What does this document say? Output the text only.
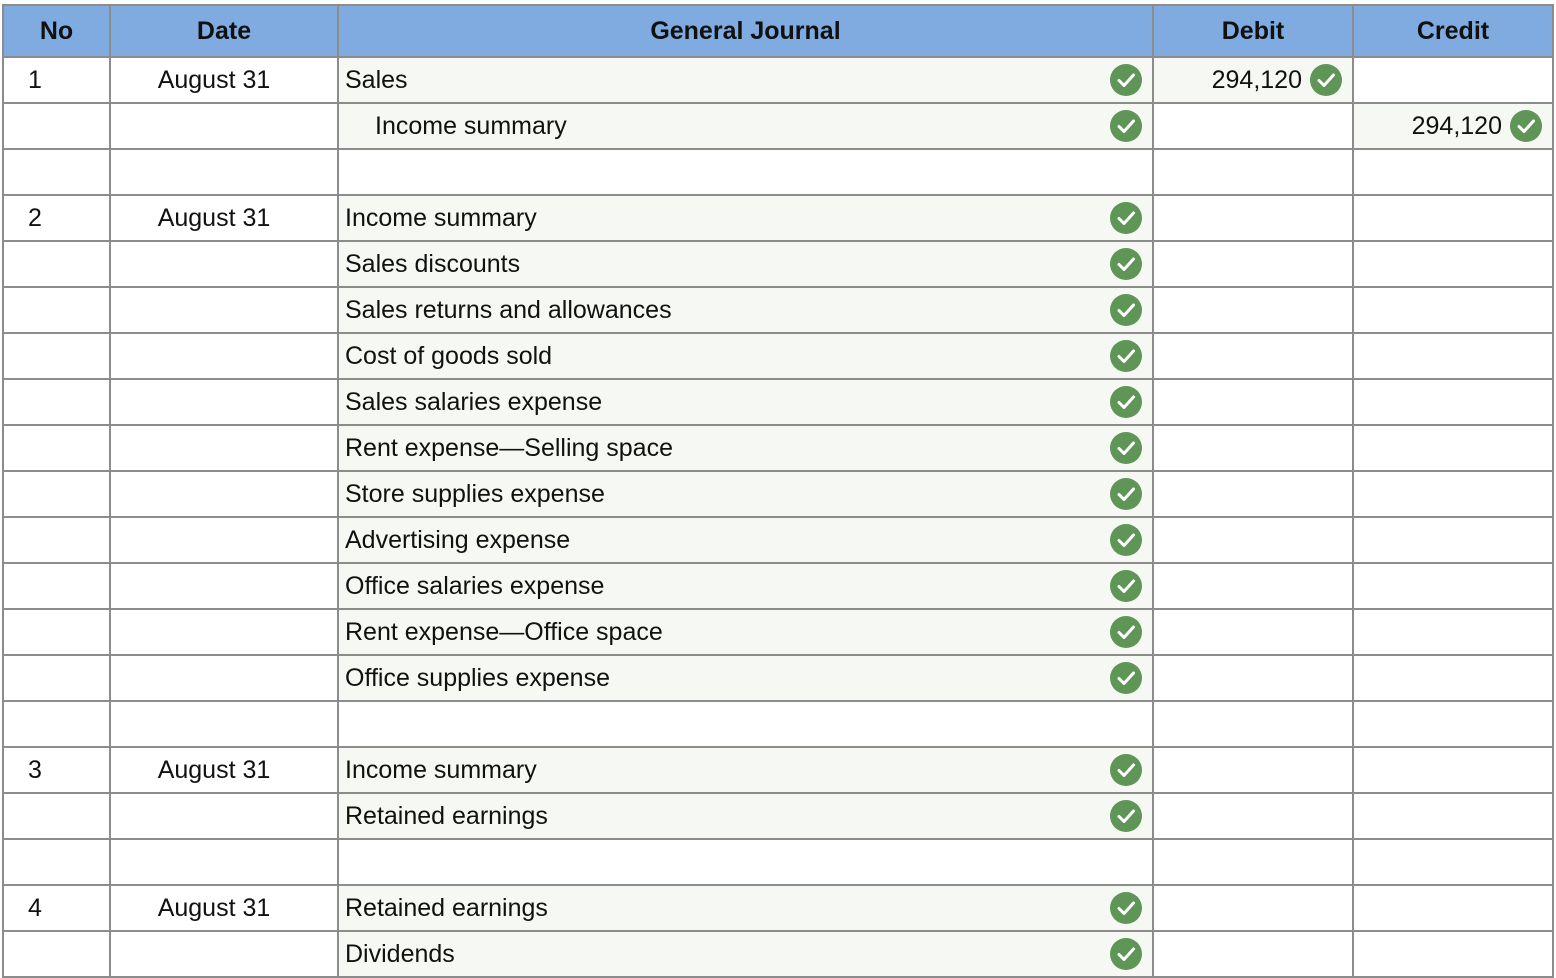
No	Date	General Journal	Debit	Credit
1	August 31	Sales	294,120

		Income summary		294,120

2	August 31	Income summary

		Sales discounts

		Sales returns and allowances

		Cost of goods sold

		Sales salaries expense

		Rent expense—Selling space

		Store supplies expense

		Advertising expense

		Office salaries expense

		Rent expense—Office space

		Office supplies expense

3	August 31	Income summary

		Retained earnings

4	August 31	Retained earnings

		Dividends
